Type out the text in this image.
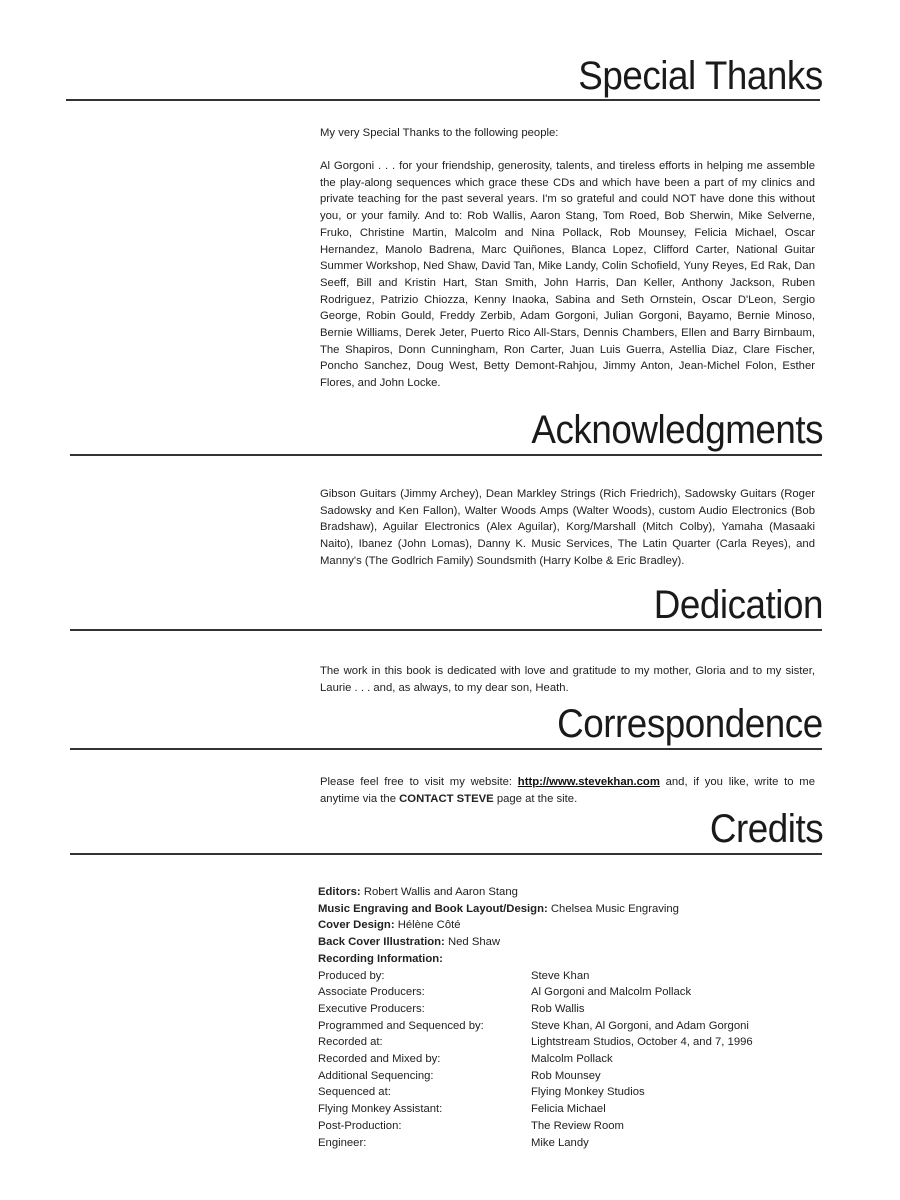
Special Thanks

My very Special Thanks to the following people:

Al Gorgoni . . . for your friendship, generosity, talents, and tireless efforts in helping me assemble the play-along sequences which grace these CDs and which have been a part of my clinics and private teaching for the past several years. I'm so grateful and could NOT have done this without you, or your family. And to: Rob Wallis, Aaron Stang, Tom Roed, Bob Sherwin, Mike Selverne, Fruko, Christine Martin, Malcolm and Nina Pollack, Rob Mounsey, Felicia Michael, Oscar Hernandez, Manolo Badrena, Marc Quiñones, Blanca Lopez, Clifford Carter, National Guitar Summer Workshop, Ned Shaw, David Tan, Mike Landy, Colin Schofield, Yuny Reyes, Ed Rak, Dan Seeff, Bill and Kristin Hart, Stan Smith, John Harris, Dan Keller, Anthony Jackson, Ruben Rodriguez, Patrizio Chiozza, Kenny Inaoka, Sabina and Seth Ornstein, Oscar D'Leon, Sergio George, Robin Gould, Freddy Zerbib, Adam Gorgoni, Julian Gorgoni, Bayamo, Bernie Minoso, Bernie Williams, Derek Jeter, Puerto Rico All-Stars, Dennis Chambers, Ellen and Barry Birnbaum, The Shapiros, Donn Cunningham, Ron Carter, Juan Luis Guerra, Astellia Diaz, Clare Fischer, Poncho Sanchez, Doug West, Betty Demont-Rahjou, Jimmy Anton, Jean-Michel Folon, Esther Flores, and John Locke.

Acknowledgments

Gibson Guitars (Jimmy Archey), Dean Markley Strings (Rich Friedrich), Sadowsky Guitars (Roger Sadowsky and Ken Fallon), Walter Woods Amps (Walter Woods), custom Audio Electronics (Bob Bradshaw), Aguilar Electronics (Alex Aguilar), Korg/Marshall (Mitch Colby), Yamaha (Masaaki Naito), Ibanez (John Lomas), Danny K. Music Services, The Latin Quarter (Carla Reyes), and Manny's (The Godlrich Family) Soundsmith (Harry Kolbe & Eric Bradley).

Dedication

The work in this book is dedicated with love and gratitude to my mother, Gloria and to my sister, Laurie . . . and, as always, to my dear son, Heath.

Correspondence

Please feel free to visit my website: http://www.stevekhan.com and, if you like, write to me anytime via the CONTACT STEVE page at the site.

Credits
Editors: Robert Wallis and Aaron Stang
Music Engraving and Book Layout/Design: Chelsea Music Engraving
Cover Design: Hélène Côté
Back Cover Illustration: Ned Shaw
Recording Information:
Produced by:	Steve Khan
Associate Producers:	Al Gorgoni and Malcolm Pollack
Executive Producers:	Rob Wallis
Programmed and Sequenced by:	Steve Khan, Al Gorgoni, and Adam Gorgoni
Recorded at:	Lightstream Studios, October 4, and 7, 1996
Recorded and Mixed by:	Malcolm Pollack
Additional Sequencing:	Rob Mounsey
Sequenced at:	Flying Monkey Studios
Flying Monkey Assistant:	Felicia Michael
Post-Production:	The Review Room
Engineer:	Mike Landy
